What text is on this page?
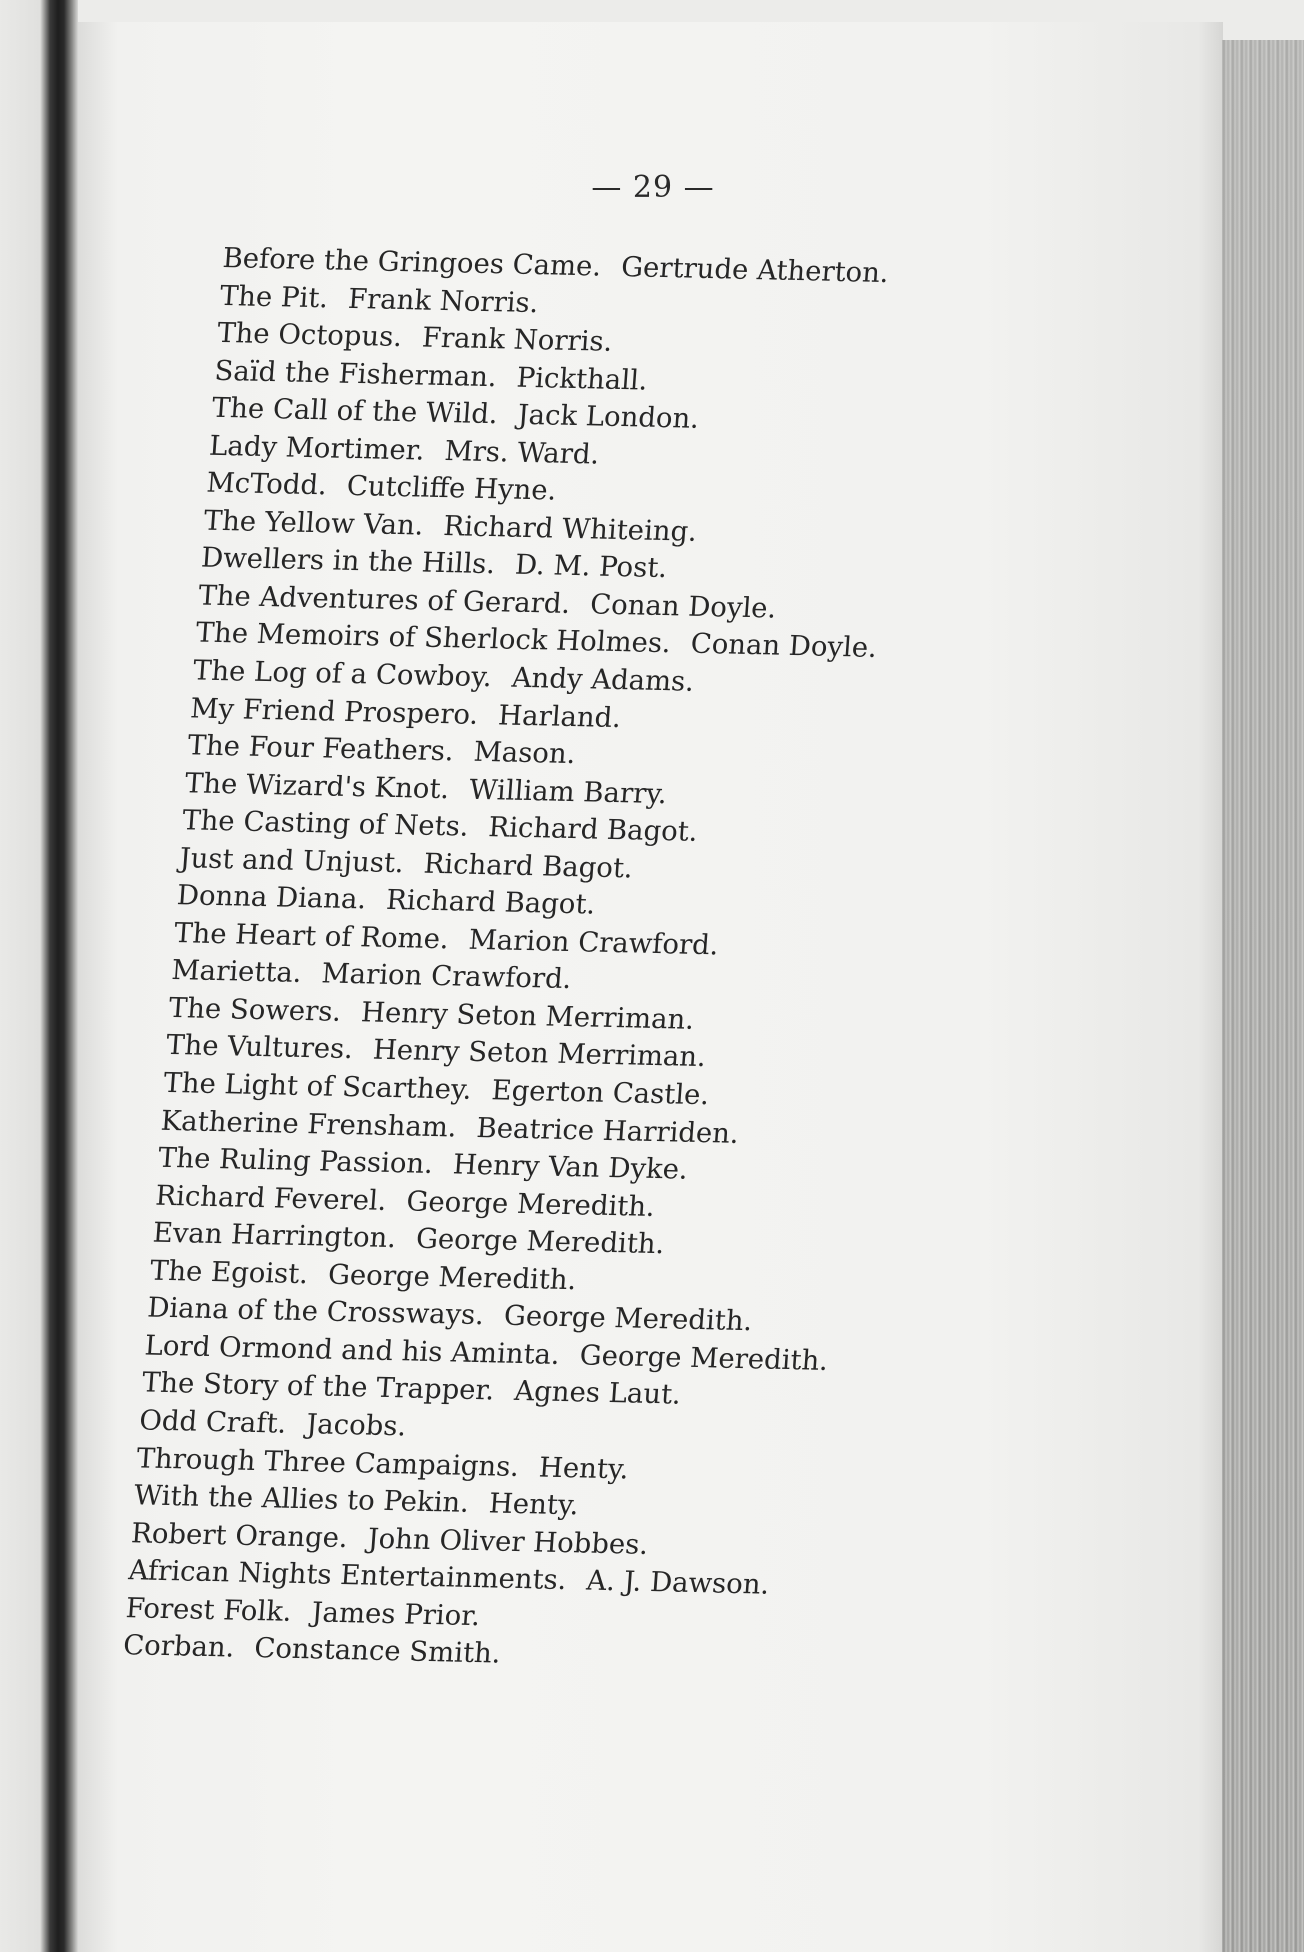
— 29 —
Before the Gringoes Came. Gertrude Atherton.
The Pit. Frank Norris.
The Octopus. Frank Norris.
Saïd the Fisherman. Pickthall.
The Call of the Wild. Jack London.
Lady Mortimer. Mrs. Ward.
McTodd. Cutcliffe Hyne.
The Yellow Van. Richard Whiteing.
Dwellers in the Hills. D. M. Post.
The Adventures of Gerard. Conan Doyle.
The Memoirs of Sherlock Holmes. Conan Doyle.
The Log of a Cowboy. Andy Adams.
My Friend Prospero. Harland.
The Four Feathers. Mason.
The Wizard's Knot. William Barry.
The Casting of Nets. Richard Bagot.
Just and Unjust. Richard Bagot.
Donna Diana. Richard Bagot.
The Heart of Rome. Marion Crawford.
Marietta. Marion Crawford.
The Sowers. Henry Seton Merriman.
The Vultures. Henry Seton Merriman.
The Light of Scarthey. Egerton Castle.
Katherine Frensham. Beatrice Harriden.
The Ruling Passion. Henry Van Dyke.
Richard Feverel. George Meredith.
Evan Harrington. George Meredith.
The Egoist. George Meredith.
Diana of the Crossways. George Meredith.
Lord Ormond and his Aminta. George Meredith.
The Story of the Trapper. Agnes Laut.
Odd Craft. Jacobs.
Through Three Campaigns. Henty.
With the Allies to Pekin. Henty.
Robert Orange. John Oliver Hobbes.
African Nights Entertainments. A. J. Dawson.
Forest Folk. James Prior.
Corban. Constance Smith.
